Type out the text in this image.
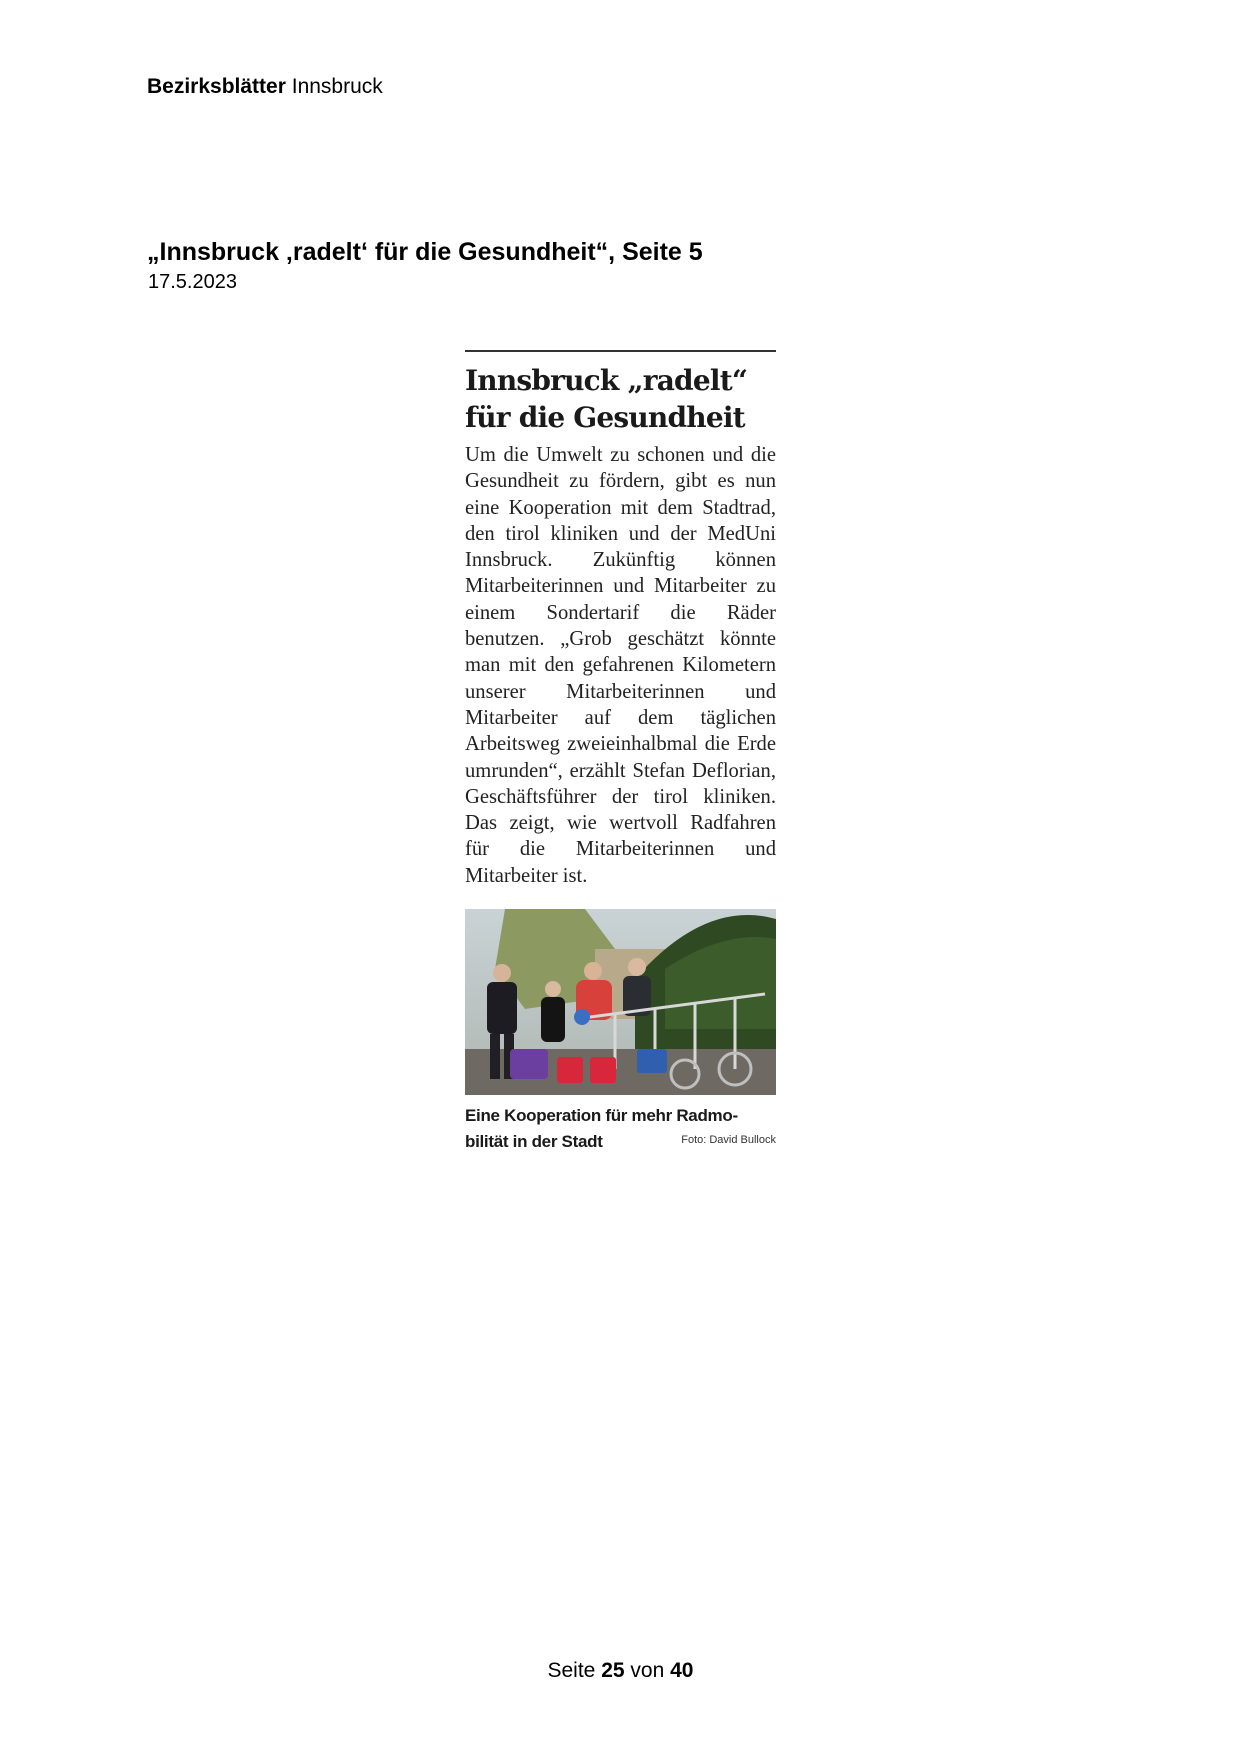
Bezirksblätter Innsbruck
„Innsbruck ‚radelt‘ für die Gesundheit“, Seite 5
17.5.2023
Innsbruck „radelt“
für die Gesundheit

Um die Umwelt zu schonen und die Gesundheit zu fördern, gibt es nun eine Kooperation mit dem Stadtrad, den tirol kliniken und der MedUni Innsbruck. Zukünftig können Mitarbeiterinnen und Mitarbeiter zu einem Sondertarif die Räder benutzen. „Grob geschätzt könnte man mit den gefahrenen Kilometern unserer Mitarbeiterinnen und Mitarbeiter auf dem täglichen Arbeitsweg zweieinhalbmal die Erde umrunden“, erzählt Stefan Deflorian, Geschäftsführer der tirol kliniken. Das zeigt, wie wertvoll Radfahren für die Mitarbeiterinnen und Mitarbeiter ist.

Eine Kooperation für mehr Radmo-
bilität in der Stadt	Foto: David Bullock
Seite 25 von 40
